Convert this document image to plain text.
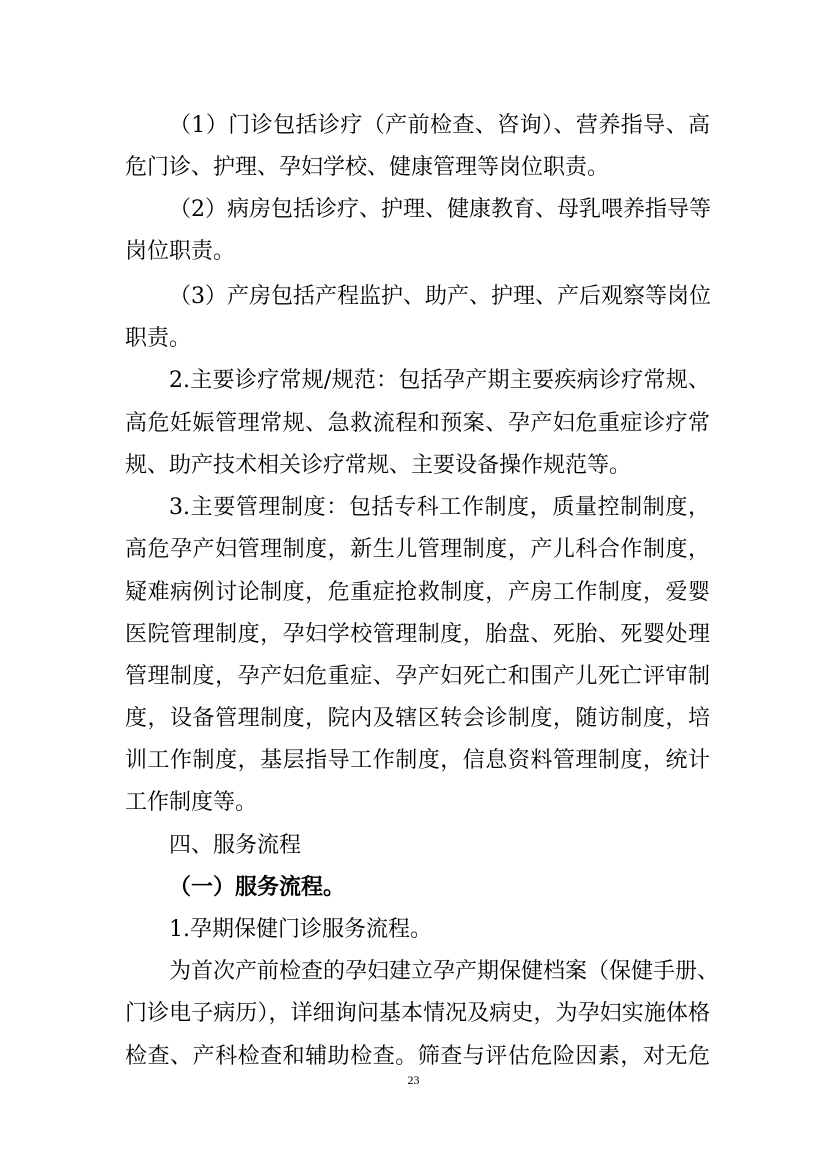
（1）门诊包括诊疗（产前检查、咨询）、营养指导、高
危门诊、护理、孕妇学校、健康管理等岗位职责。
（2）病房包括诊疗、护理、健康教育、母乳喂养指导等
岗位职责。
（3）产房包括产程监护、助产、护理、产后观察等岗位
职责。
2.主要诊疗常规/规范：包括孕产期主要疾病诊疗常规、
高危妊娠管理常规、急救流程和预案、孕产妇危重症诊疗常
规、助产技术相关诊疗常规、主要设备操作规范等。
3.主要管理制度：包括专科工作制度，质量控制制度，
高危孕产妇管理制度，新生儿管理制度，产儿科合作制度，
疑难病例讨论制度，危重症抢救制度，产房工作制度，爱婴
医院管理制度，孕妇学校管理制度，胎盘、死胎、死婴处理
管理制度，孕产妇危重症、孕产妇死亡和围产儿死亡评审制
度，设备管理制度，院内及辖区转会诊制度，随访制度，培
训工作制度，基层指导工作制度，信息资料管理制度，统计
工作制度等。
四、服务流程
（一）服务流程。
1.孕期保健门诊服务流程。
为首次产前检查的孕妇建立孕产期保健档案（保健手册、
门诊电子病历），详细询问基本情况及病史，为孕妇实施体格
检查、产科检查和辅助检查。筛查与评估危险因素，对无危
23
